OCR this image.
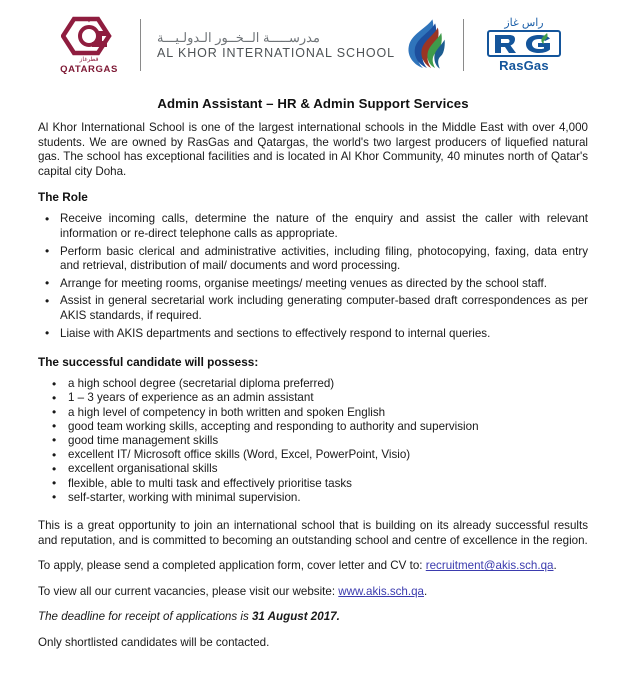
قطرغاز
QATARGAS
مدرســـــة الــخــور الـدولـيـــة
AL KHOR INTERNATIONAL SCHOOL
راس غاز
RasGas
Admin Assistant – HR & Admin Support Services

Al Khor International School is one of the largest international schools in the Middle East with over 4,000 students. We are owned by RasGas and Qatargas, the world's two largest producers of liquefied natural gas. The school has exceptional facilities and is located in Al Khor Community, 40 minutes north of Qatar's capital city Doha.

The Role
• Receive incoming calls, determine the nature of the enquiry and assist the caller with relevant information or re-direct telephone calls as appropriate.
• Perform basic clerical and administrative activities, including filing, photocopying, faxing, data entry and retrieval, distribution of mail/ documents and word processing.
• Arrange for meeting rooms, organise meetings/ meeting venues as directed by the school staff.
• Assist in general secretarial work including generating computer-based draft correspondences as per AKIS standards, if required.
• Liaise with AKIS departments and sections to effectively respond to internal queries.
The successful candidate will possess:
• a high school degree (secretarial diploma preferred)
• 1 – 3 years of experience as an admin assistant
• a high level of competency in both written and spoken English
• good team working skills, accepting and responding to authority and supervision
• good time management skills
• excellent IT/ Microsoft office skills (Word, Excel, PowerPoint, Visio)
• excellent organisational skills
• flexible, able to multi task and effectively prioritise tasks
• self-starter, working with minimal supervision.

This is a great opportunity to join an international school that is building on its already successful results and reputation, and is committed to becoming an outstanding school and centre of excellence in the region.

To apply, please send a completed application form, cover letter and CV to: recruitment@akis.sch.qa.

To view all our current vacancies, please visit our website: www.akis.sch.qa.

The deadline for receipt of applications is 31 August 2017.

Only shortlisted candidates will be contacted.
